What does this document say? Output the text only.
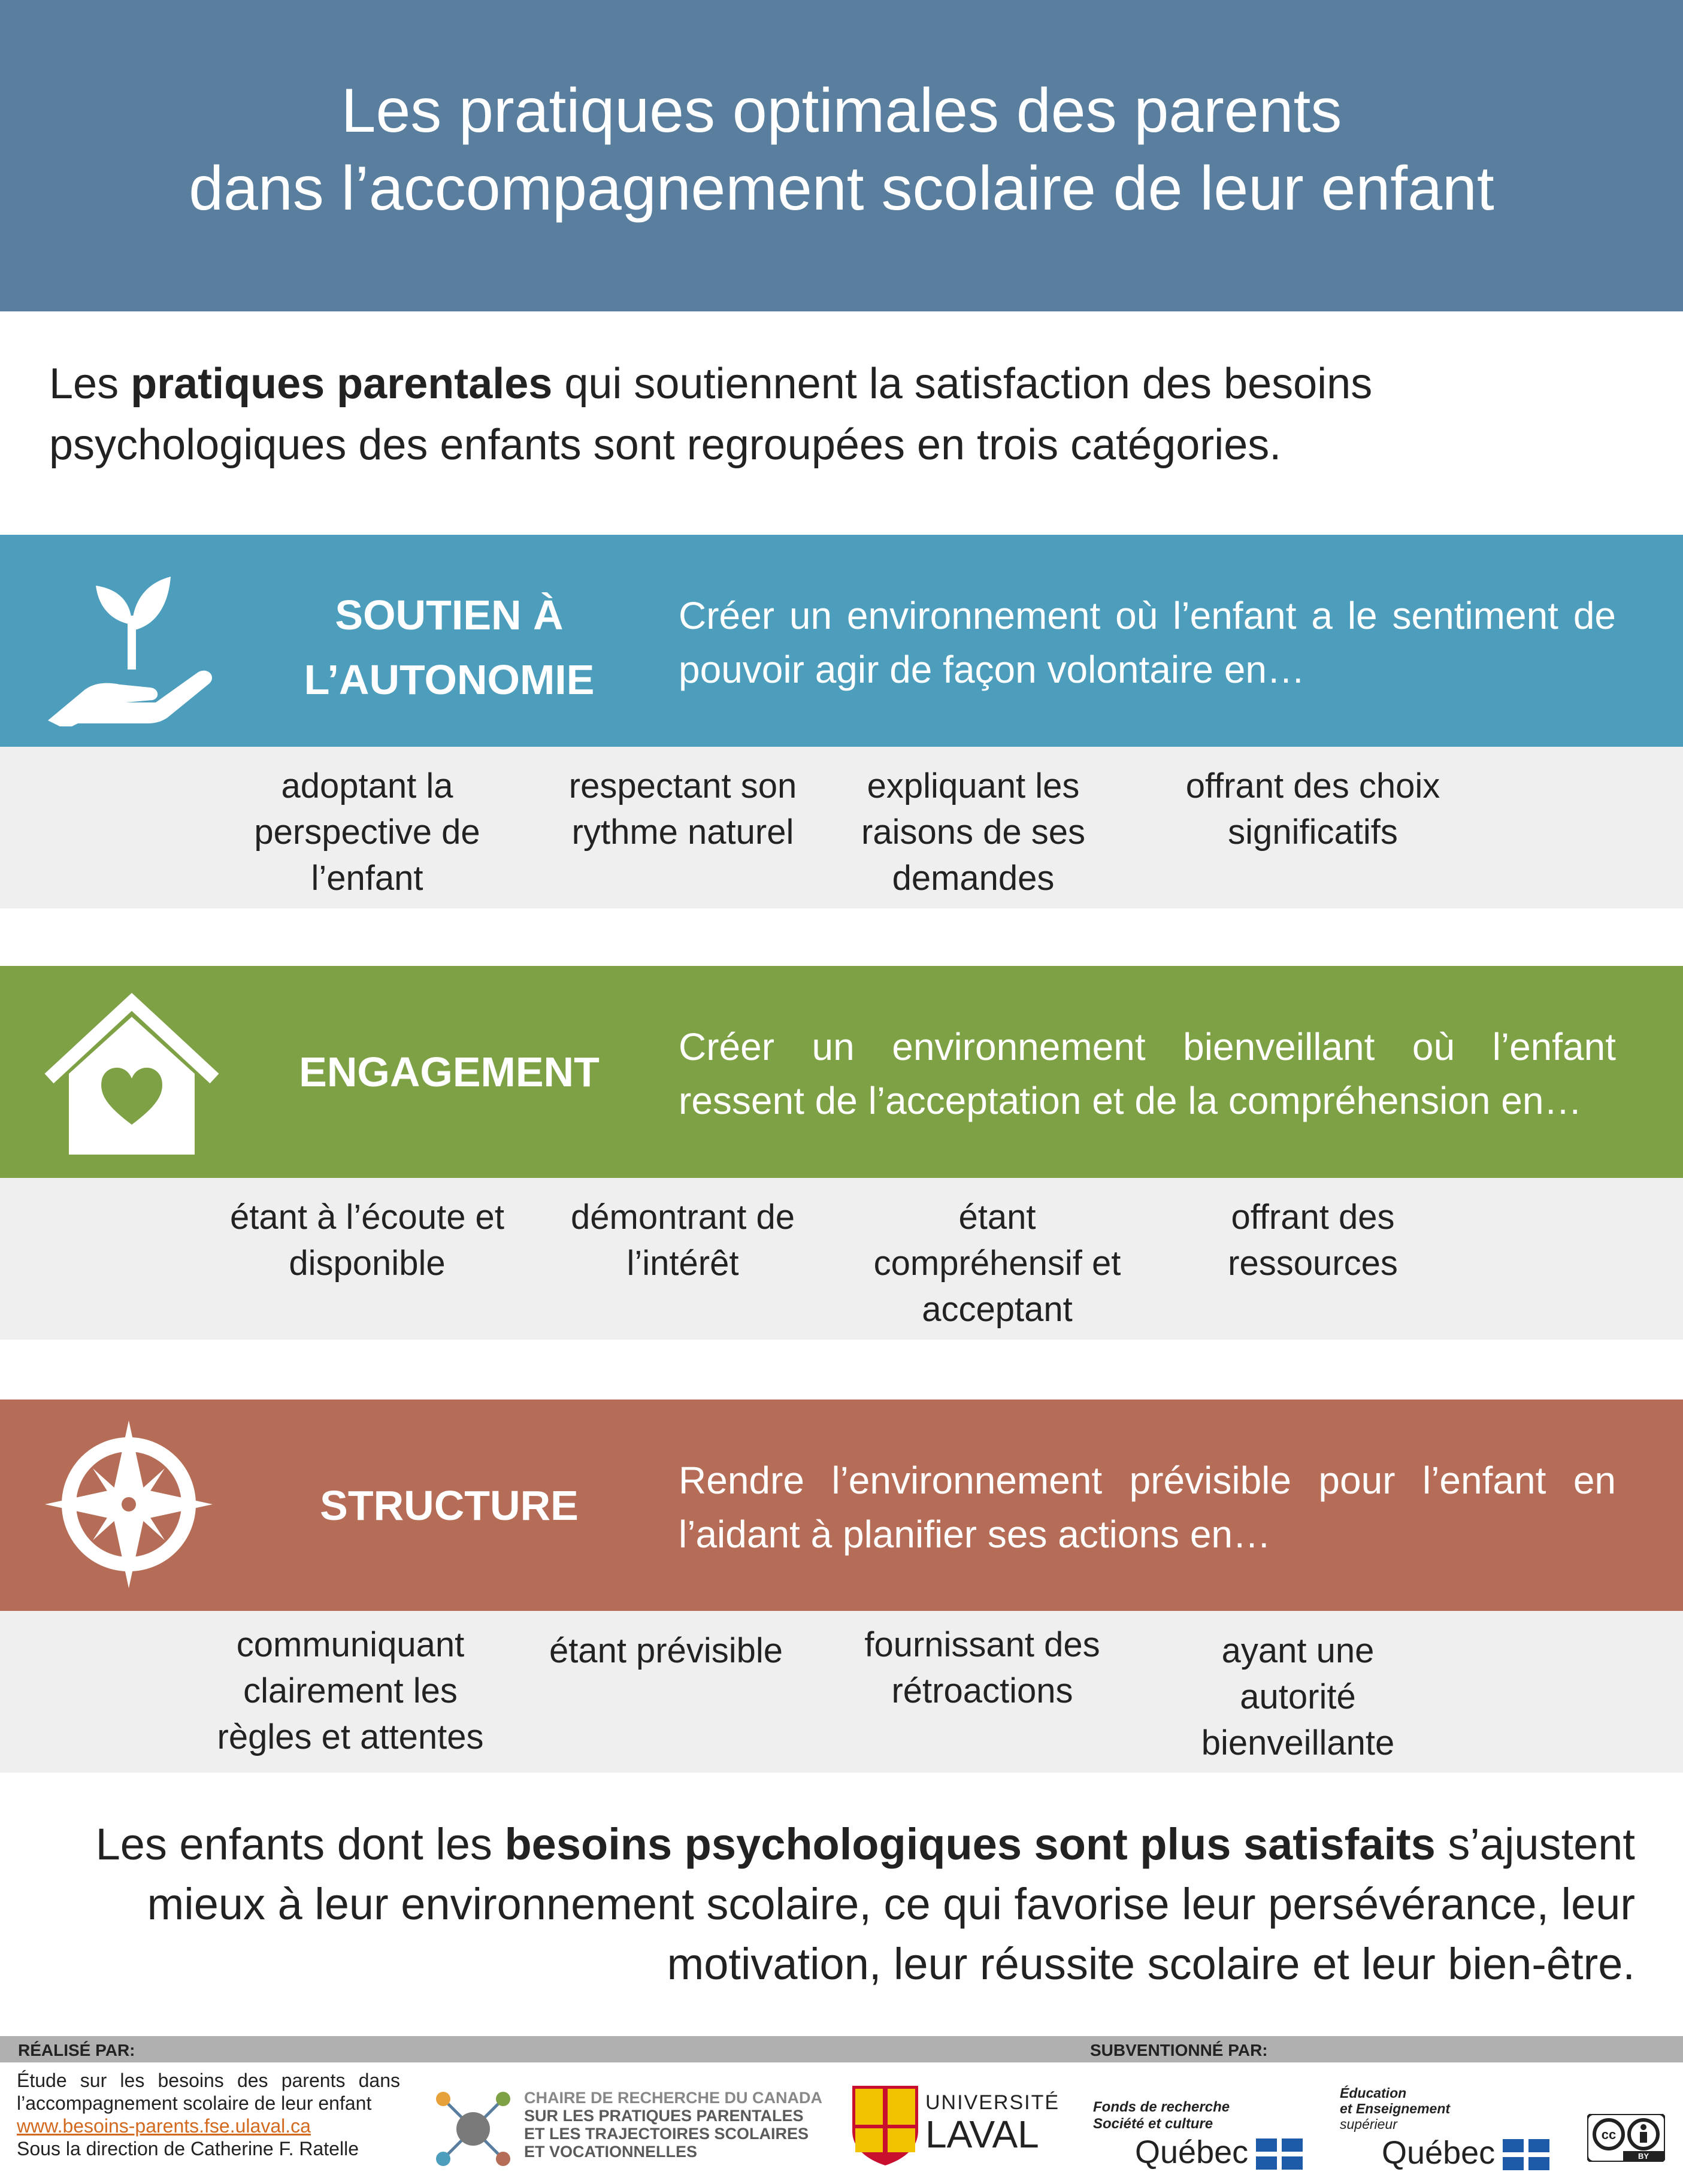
Les pratiques optimales des parents
dans l’accompagnement scolaire de leur enfant
Les pratiques parentales qui soutiennent la satisfaction des besoins psychologiques des enfants sont regroupées en trois catégories.
SOUTIEN À
L’AUTONOMIE
Créer un environnement où l’enfant a le sentiment de pouvoir agir de façon volontaire en…
adoptant la perspective de l’enfant
respectant son rythme naturel
expliquant les raisons de ses demandes
offrant des choix significatifs
ENGAGEMENT
Créer un environnement bienveillant où l’enfant ressent de l’acceptation et de la compréhension en…
étant à l’écoute et disponible
démontrant de l’intérêt
étant compréhensif et acceptant
offrant des ressources
STRUCTURE
Rendre l’environnement prévisible pour l’enfant en l’aidant à planifier ses actions en…
communiquant clairement les règles et attentes
étant prévisible	fournissant des rétroactions
ayant une autorité bienveillante
Les enfants dont les besoins psychologiques sont plus satisfaits s’ajustent mieux à leur environnement scolaire, ce qui favorise leur persévérance, leur motivation, leur réussite scolaire et leur bien-être.
RÉALISÉ PAR:	SUBVENTIONNÉ PAR:
Étude sur les besoins des parents dans l’accompagnement scolaire de leur enfant
www.besoins-parents.fse.ulaval.ca
Sous la direction de Catherine F. Ratelle
CHAIRE DE RECHERCHE DU CANADA
SUR LES PRATIQUES PARENTALES
ET LES TRAJECTOIRES SCOLAIRES
ET VOCATIONNELLES
UNIVERSITÉ
LAVAL
Fonds de recherche
Société et culture
Québec
Éducation
et Enseignement
supérieur
Québec
cc
BY
